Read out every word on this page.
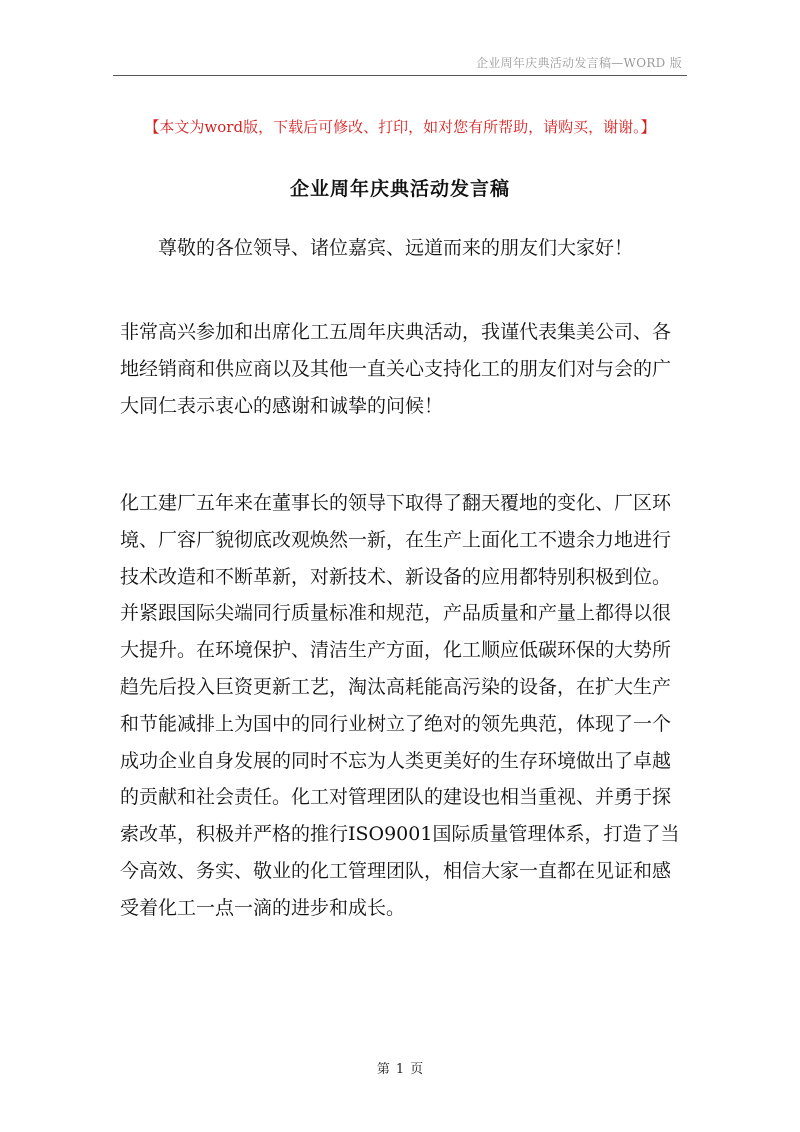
企业周年庆典活动发言稿—WORD 版
【本文为word版，下载后可修改、打印，如对您有所帮助，请购买，谢谢。】
企业周年庆典活动发言稿

尊敬的各位领导、诸位嘉宾、远道而来的朋友们大家好！

非常高兴参加和出席化工五周年庆典活动，我谨代表集美公司、各地经销商和供应商以及其他一直关心支持化工的朋友们对与会的广大同仁表示衷心的感谢和诚挚的问候！

化工建厂五年来在董事长的领导下取得了翻天覆地的变化、厂区环境、厂容厂貌彻底改观焕然一新，在生产上面化工不遗余力地进行技术改造和不断革新，对新技术、新设备的应用都特别积极到位。并紧跟国际尖端同行质量标准和规范，产品质量和产量上都得以很大提升。在环境保护、清洁生产方面，化工顺应低碳环保的大势所趋先后投入巨资更新工艺，淘汰高耗能高污染的设备，在扩大生产和节能减排上为国中的同行业树立了绝对的领先典范，体现了一个成功企业自身发展的同时不忘为人类更美好的生存环境做出了卓越的贡献和社会责任。化工对管理团队的建设也相当重视、并勇于探索改革，积极并严格的推行ISO9001国际质量管理体系，打造了当今高效、务实、敬业的化工管理团队，相信大家一直都在见证和感受着化工一点一滴的进步和成长。

第 1 页
